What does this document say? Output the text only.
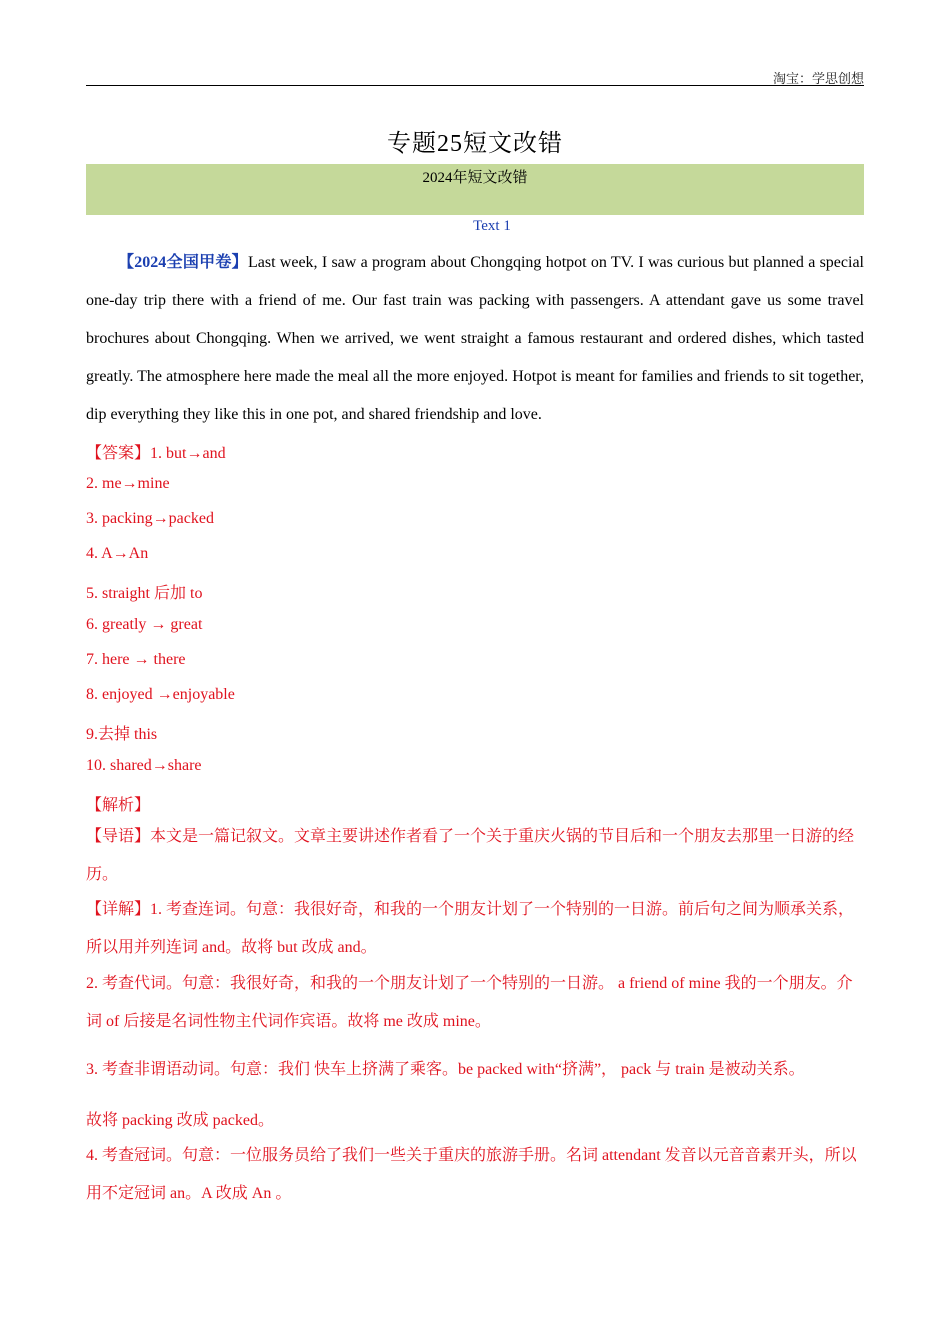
淘宝：学思创想
专题25短文改错
2024年短文改错
Text 1
【2024全国甲卷】Last week, I saw a program about Chongqing hotpot on TV. I was curious but planned a special one-day trip there with a friend of me. Our fast train was packing with passengers. A attendant gave us some travel brochures about Chongqing. When we arrived, we went straight a famous restaurant and ordered dishes, which tasted greatly. The atmosphere here made the meal all the more enjoyed. Hotpot is meant for families and friends to sit together, dip everything they like this in one pot, and shared friendship and love.
【答案】1. but→and
2. me→mine
3. packing→packed
4. A→An
5. straight 后加 to
6. greatly → great
7. here → there
8. enjoyed →enjoyable
9.去掉 this
10. shared→share
【解析】
【导语】本文是一篇记叙文。文章主要讲述作者看了一个关于重庆火锅的节目后和一个朋友去那里一日游的经历。
【详解】1. 考查连词。句意：我很好奇，和我的一个朋友计划了一个特别的一日游。前后句之间为顺承关系，所以用并列连词 and。故将 but 改成 and。
2. 考查代词。句意：我很好奇，和我的一个朋友计划了一个特别的一日游。 a friend of mine 我的一个朋友。介词 of 后接是名词性物主代词作宾语。故将 me 改成 mine。
3. 考查非谓语动词。句意：我们 快车上挤满了乘客。be packed with“挤满”， pack 与 train 是被动关系。
故将 packing 改成 packed。
4. 考查冠词。句意：一位服务员给了我们一些关于重庆的旅游手册。名词 attendant 发音以元音音素开头，所以用不定冠词 an。A 改成 An 。
